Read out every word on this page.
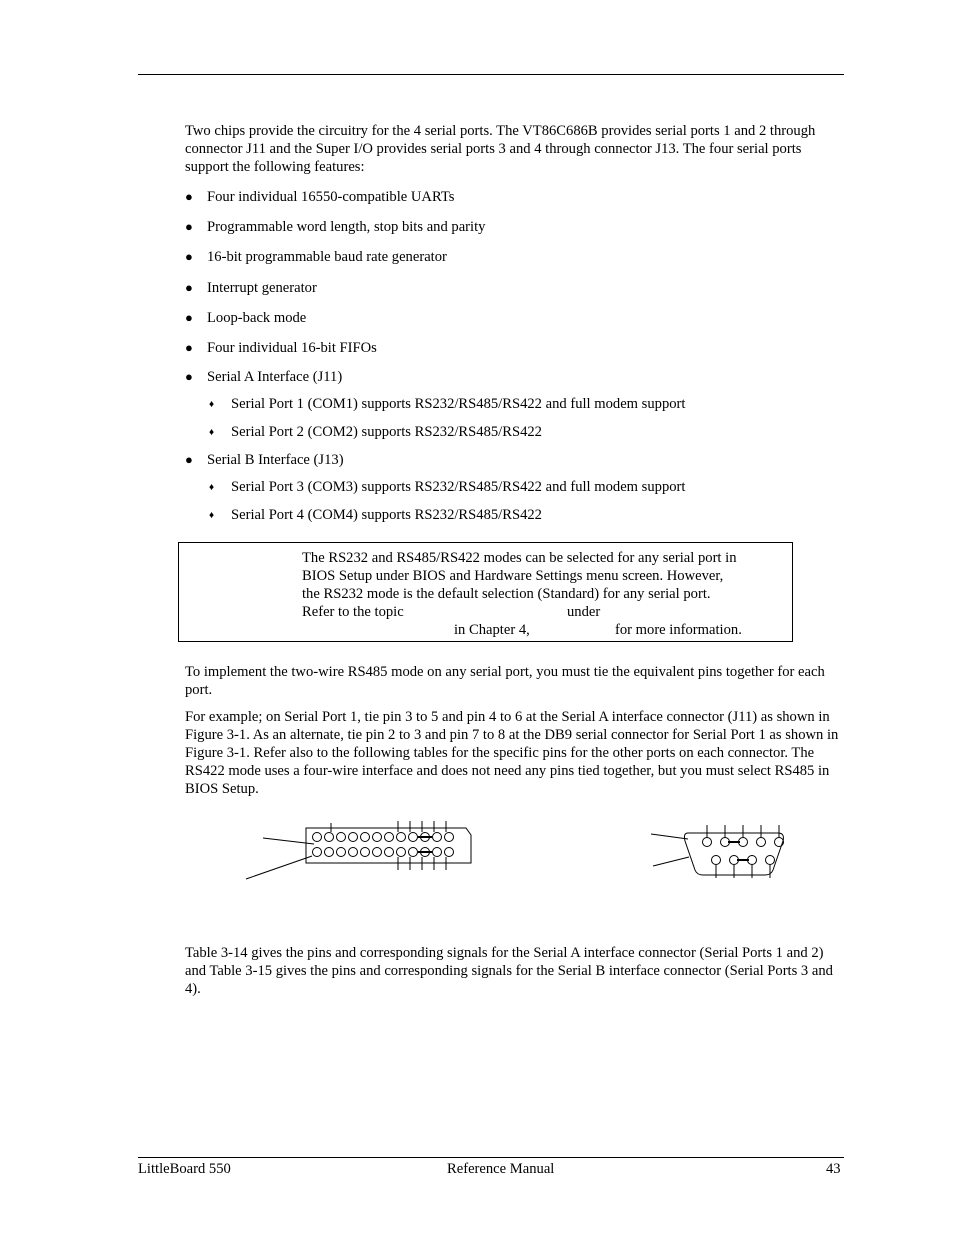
Two chips provide the circuitry for the 4 serial ports. The VT86C686B provides serial ports 1 and 2 through connector J11 and the Super I/O provides serial ports 3 and 4 through connector J13. The four serial ports support the following features:

● Four individual 16550-compatible UARTs
● Programmable word length, stop bits and parity
● 16-bit programmable baud rate generator
● Interrupt generator
● Loop-back mode
● Four individual 16-bit FIFOs
● Serial A Interface (J11)
♦ Serial Port 1 (COM1) supports RS232/RS485/RS422 and full modem support
♦ Serial Port 2 (COM2) supports RS232/RS485/RS422
● Serial B Interface (J13)
♦ Serial Port 3 (COM3) supports RS232/RS485/RS422 and full modem support
♦ Serial Port 4 (COM4) supports RS232/RS485/RS422
The RS232 and RS485/RS422 modes can be selected for any serial port in
BIOS Setup under BIOS and Hardware Settings menu screen. However,
the RS232 mode is the default selection (Standard) for any serial port.
Refer to the topic	under
in Chapter 4,	for more information.

To implement the two-wire RS485 mode on any serial port, you must tie the equivalent pins together for each port.

For example; on Serial Port 1, tie pin 3 to 5 and pin 4 to 6 at the Serial A interface connector (J11) as shown in Figure 3-1. As an alternate, tie pin 2 to 3 and pin 7 to 8 at the DB9 serial connector for Serial Port 1 as shown in Figure 3-1. Refer also to the following tables for the specific pins for the other ports on each connector. The RS422 mode uses a four-wire interface and does not need any pins tied together, but you must select RS485 in BIOS Setup.

Table 3-14 gives the pins and corresponding signals for the Serial A interface connector (Serial Ports 1 and 2) and Table 3-15 gives the pins and corresponding signals for the Serial B interface connector (Serial Ports 3 and 4).

LittleBoard 550	Reference Manual	43
